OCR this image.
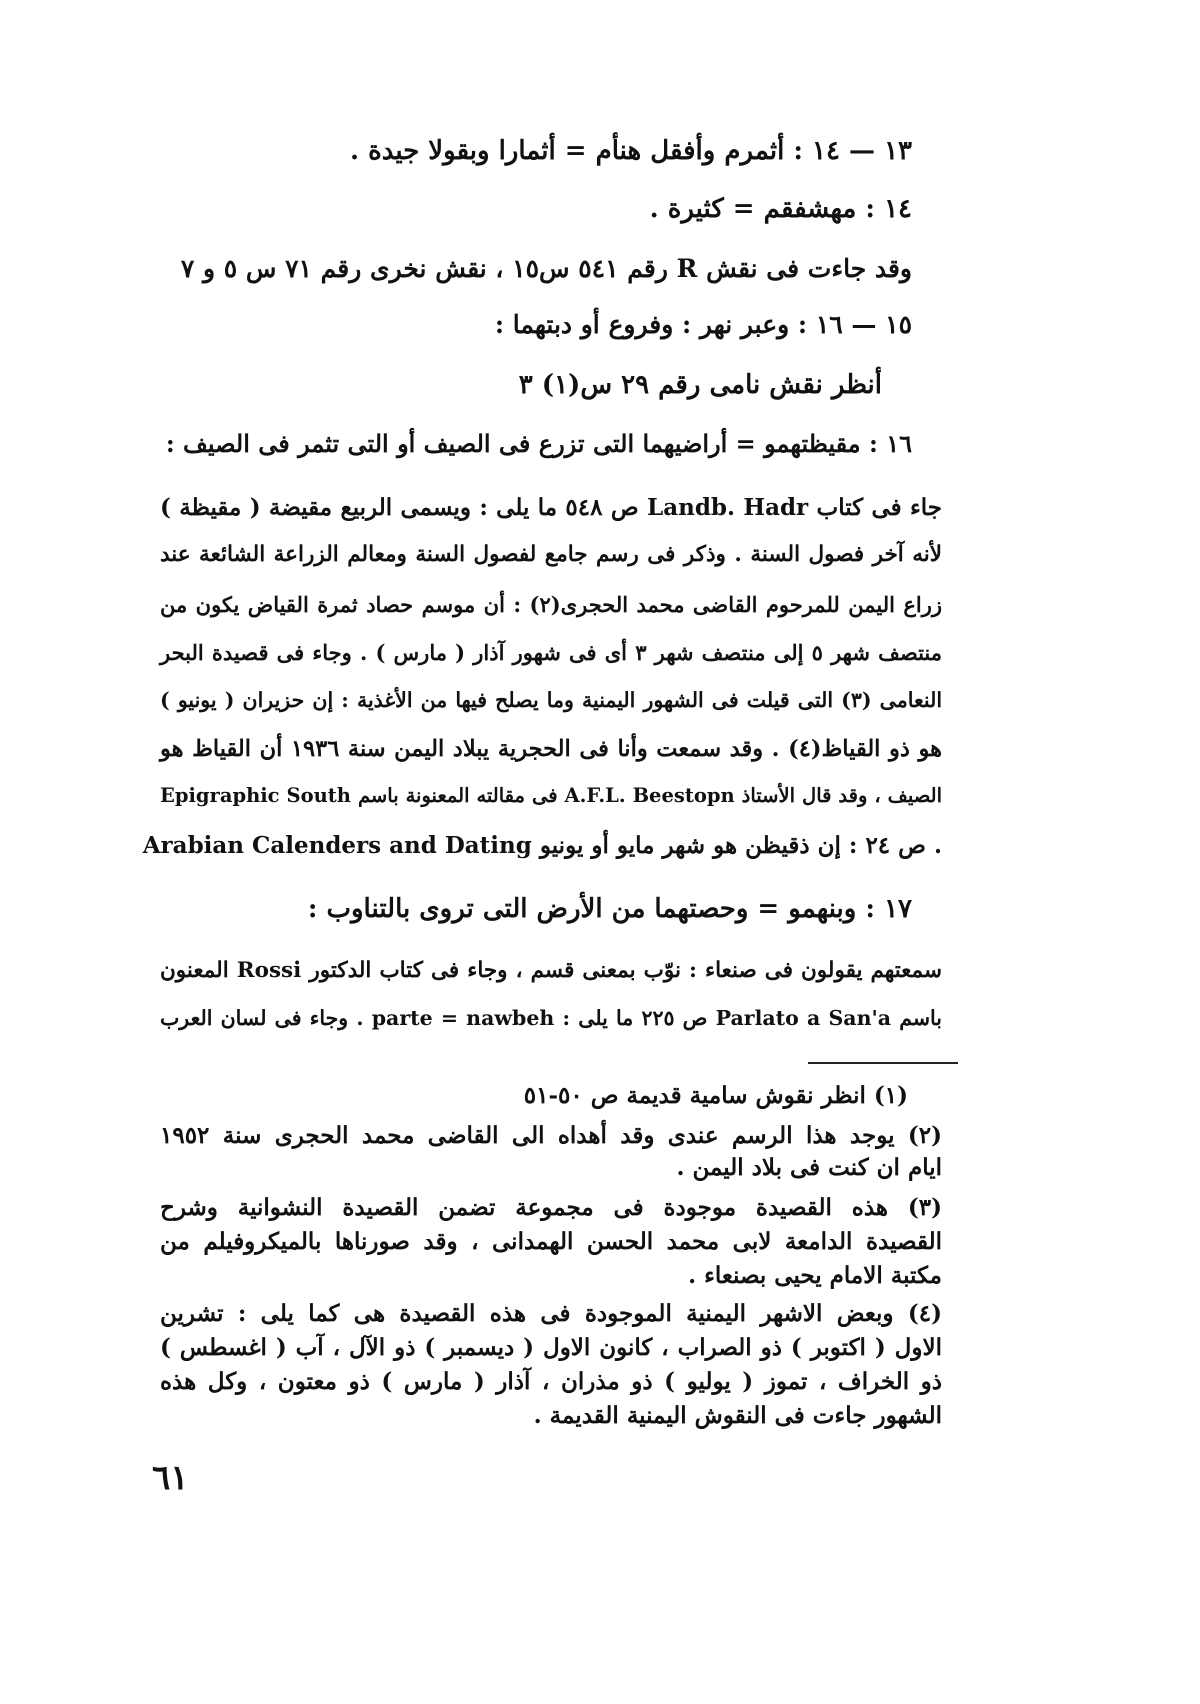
١٣ — ١٤ : أثمرم وأفقل هنأم = أثمارا وبقولا جيدة .
١٤ : مهشفقم = كثيرة .
وقد جاءت فى نقش R رقم ٥٤١ س١٥ ، نقش نخرى رقم ٧١ س ٥ و ٧
١٥ — ١٦ : وعبر نهر : وفروع أو دبتهما :
أنظر نقش نامى رقم ٢٩ س(١) ٣
١٦ : مقيظتهمو = أراضيهما التى تزرع فى الصيف أو التى تثمر فى الصيف :
جاء فى كتاب Landb. Hadr ص ٥٤٨ ما يلى : ويسمى الربيع مقيضة ( مقيظة )
لأنه آخر فصول السنة . وذكر فى رسم جامع لفصول السنة ومعالم الزراعة الشائعة عند
زراع اليمن للمرحوم القاضى محمد الحجرى(٢) : أن موسم حصاد ثمرة القياض يكون من
منتصف شهر ٥ إلى منتصف شهر ٣ أى فى شهور آذار ( مارس ) . وجاء فى قصيدة البحر
النعامى (٣) التى قيلت فى الشهور اليمنية وما يصلح فيها من الأغذية : إن حزيران ( يونيو )
هو ذو القياظ(٤) . وقد سمعت وأنا فى الحجرية يبلاد اليمن سنة ١٩٣٦ أن القياظ هو
الصيف ، وقد قال الأستاذ A.F.L. Beestopn فى مقالته المعنونة باسم Epigraphic South
Arabian Calenders and Dating ص ٢٤ : إن ذقيظن هو شهر مايو أو يونيو .
١٧ : وبنهمو = وحصتهما من الأرض التى تروى بالتناوب :
سمعتهم يقولون فى صنعاء : نوّب بمعنى قسم ، وجاء فى كتاب الدكتور Rossi المعنون
باسم Parlato a San'a ص ٢٢٥ ما يلى : parte = nawbeh . وجاء فى لسان العرب
(١) انظر نقوش سامية قديمة ص ٥٠-٥١
(٢) يوجد هذا الرسم عندى وقد أهداه الى القاضى محمد الحجرى سنة ١٩٥٢
ايام ان كنت فى بلاد اليمن .
(٣) هذه القصيدة موجودة فى مجموعة تضمن القصيدة النشوانية وشرح
القصيدة الدامعة لابى محمد الحسن الهمدانى ، وقد صورناها بالميكروفيلم من
مكتبة الامام يحيى بصنعاء .
(٤) وبعض الاشهر اليمنية الموجودة فى هذه القصيدة هى كما يلى : تشرين
الاول ( اكتوبر ) ذو الصراب ، كانون الاول ( ديسمبر ) ذو الآل ، آب ( اغسطس )
ذو الخراف ، تموز ( يوليو ) ذو مذران ، آذار ( مارس ) ذو معتون ، وكل هذه
الشهور جاءت فى النقوش اليمنية القديمة .
٦١
